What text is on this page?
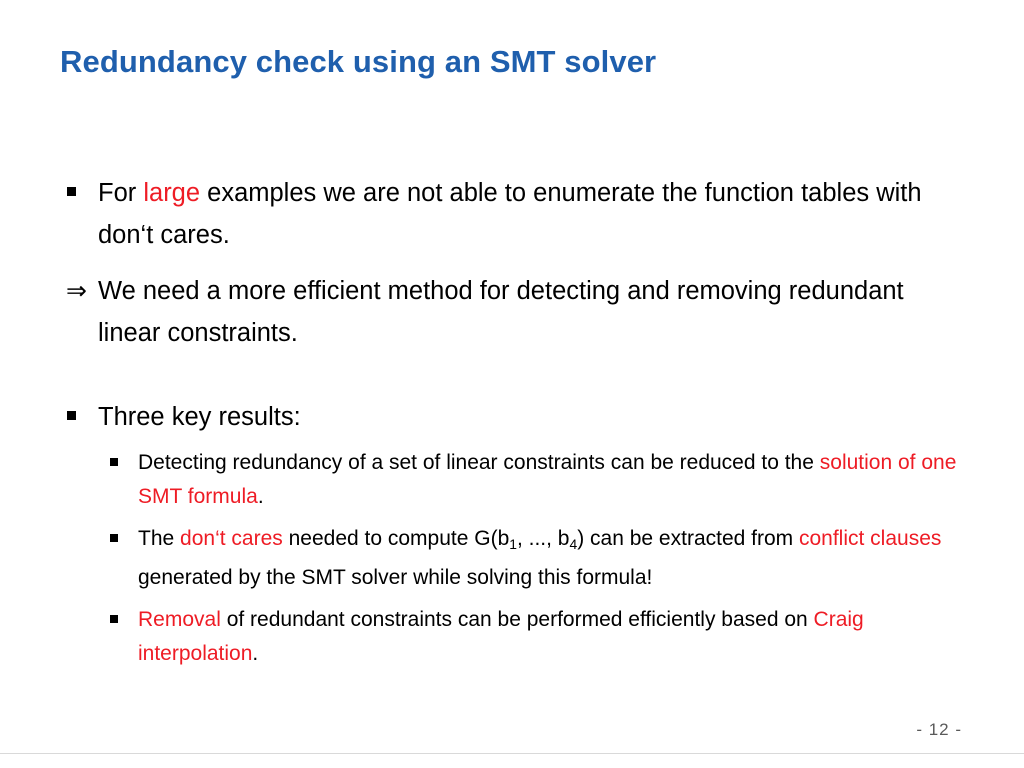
Redundancy check using an SMT solver
For large examples we are not able to enumerate the function tables with don‘t cares.
⇒ We need a more efficient method for detecting and removing redundant linear constraints.
Three key results:
Detecting redundancy of a set of linear constraints can be reduced to the solution of one SMT formula.
The don‘t cares needed to compute $G(b_1$, ..., $b_4$) can be extracted from conflict clauses generated by the SMT solver while solving this formula!
Removal of redundant constraints can be performed efficiently based on Craig interpolation.
- 12 -
